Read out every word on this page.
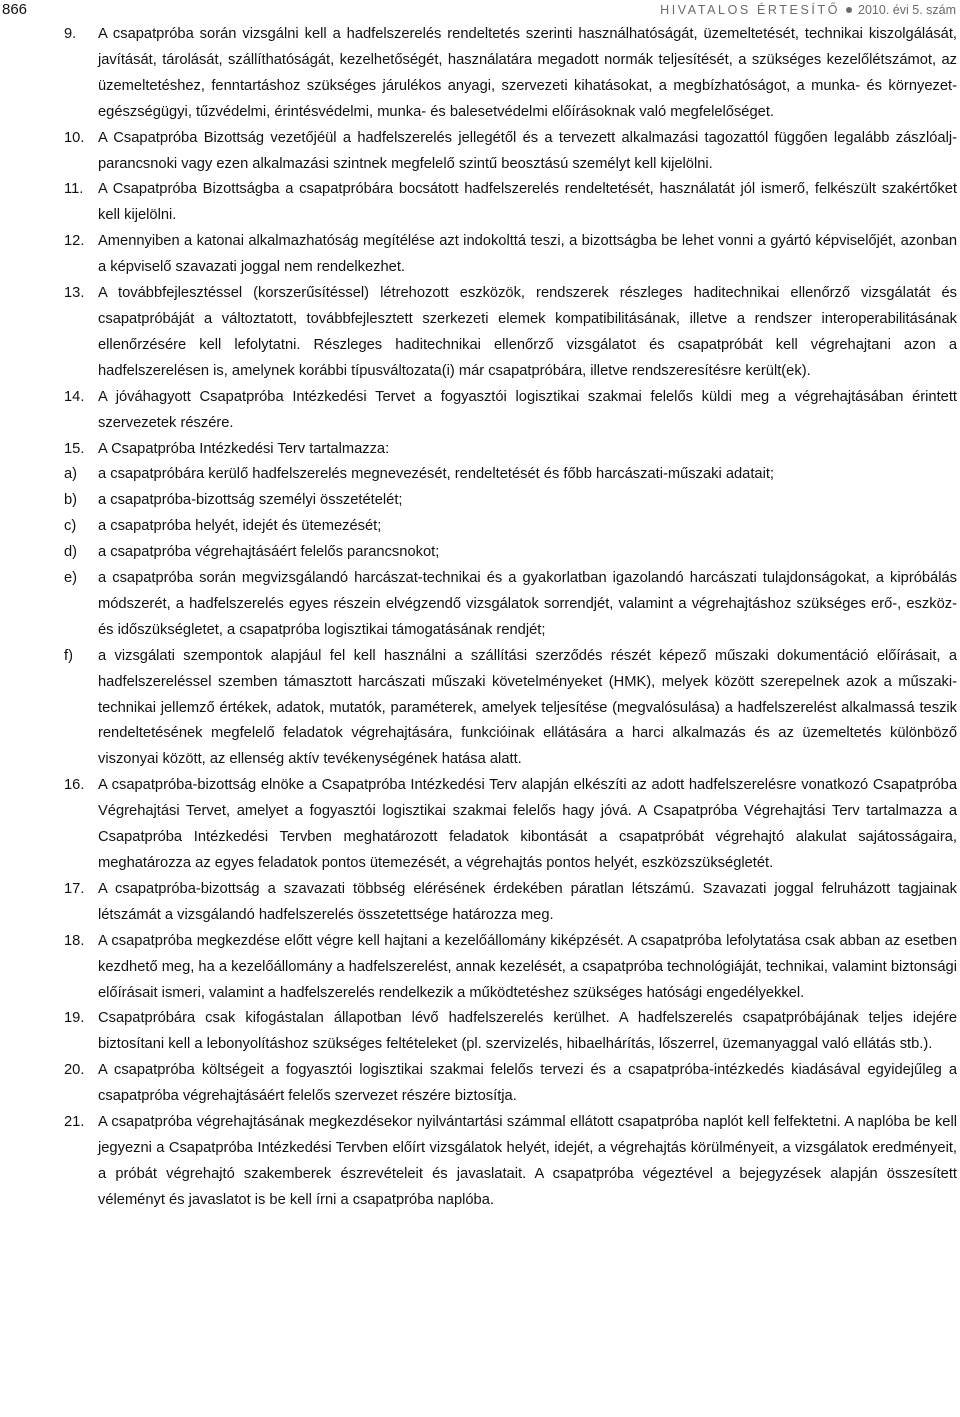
866	HIVATALOS ÉRTESÍTŐ 2010. évi 5. szám
9.	A csapatpróba során vizsgálni kell a hadfelszerelés rendeltetés szerinti használhatóságát, üzemeltetését, technikai kiszolgálását, javítását, tárolását, szállíthatóságát, kezelhetőségét, használatára megadott normák teljesítését, a szükséges kezelőlétszámot, az üzemeltetéshez, fenntartáshoz szükséges járulékos anyagi, szervezeti kihatásokat, a megbízhatóságot, a munka- és környezet-egészségügyi, tűzvédelmi, érintésvédelmi, munka- és balesetvédelmi előírásoknak való megfelelőséget.
10. A Csapatpróba Bizottság vezetőjéül a hadfelszerelés jellegétől és a tervezett alkalmazási tagozattól függően legalább zászlóalj-parancsnoki vagy ezen alkalmazási szintnek megfelelő szintű beosztású személyt kell kijelölni.
11. A Csapatpróba Bizottságba a csapatpróbára bocsátott hadfelszerelés rendeltetését, használatát jól ismerő, felkészült szakértőket kell kijelölni.
12. Amennyiben a katonai alkalmazhatóság megítélése azt indokolttá teszi, a bizottságba be lehet vonni a gyártó képviselőjét, azonban a képviselő szavazati joggal nem rendelkezhet.
13. A továbbfejlesztéssel (korszerűsítéssel) létrehozott eszközök, rendszerek részleges haditechnikai ellenőrző vizsgálatát és csapatpróbáját a változtatott, továbbfejlesztett szerkezeti elemek kompatibilitásának, illetve a rendszer interoperabilitásának ellenőrzésére kell lefolytatni. Részleges haditechnikai ellenőrző vizsgálatot és csapatpróbát kell végrehajtani azon a hadfelszerelésen is, amelynek korábbi típusváltozata(i) már csapatpróbára, illetve rendszeresítésre került(ek).
14. A jóváhagyott Csapatpróba Intézkedési Tervet a fogyasztói logisztikai szakmai felelős küldi meg a végrehajtásában érintett szervezetek részére.
15. A Csapatpróba Intézkedési Terv tartalmazza:
a)	a csapatpróbára kerülő hadfelszerelés megnevezését, rendeltetését és főbb harcászati-műszaki adatait;
b)	a csapatpróba-bizottság személyi összetételét;
c)	a csapatpróba helyét, idejét és ütemezését;
d)	a csapatpróba végrehajtásáért felelős parancsnokot;
e)	a csapatpróba során megvizsgálandó harcászat-technikai és a gyakorlatban igazolandó harcászati tulajdonságokat, a kipróbálás módszerét, a hadfelszerelés egyes részein elvégzendő vizsgálatok sorrendjét, valamint a végrehajtáshoz szükséges erő-, eszköz- és időszükségletet, a csapatpróba logisztikai támogatásának rendjét;
f)	a vizsgálati szempontok alapjául fel kell használni a szállítási szerződés részét képező műszaki dokumentáció előírásait, a hadfelszereléssel szemben támasztott harcászati műszaki követelményeket (HMK), melyek között szerepelnek azok a műszaki-technikai jellemző értékek, adatok, mutatók, paraméterek, amelyek teljesítése (megvalósulása) a hadfelszerelést alkalmassá teszik rendeltetésének megfelelő feladatok végrehajtására, funkcióinak ellátására a harci alkalmazás és az üzemeltetés különböző viszonyai között, az ellenség aktív tevékenységének hatása alatt.
16. A csapatpróba-bizottság elnöke a Csapatpróba Intézkedési Terv alapján elkészíti az adott hadfelszerelésre vonatkozó Csapatpróba Végrehajtási Tervet, amelyet a fogyasztói logisztikai szakmai felelős hagy jóvá. A Csapatpróba Végrehajtási Terv tartalmazza a Csapatpróba Intézkedési Tervben meghatározott feladatok kibontását a csapatpróbát végrehajtó alakulat sajátosságaira, meghatározza az egyes feladatok pontos ütemezését, a végrehajtás pontos helyét, eszközszükségletét.
17. A csapatpróba-bizottság a szavazati többség elérésének érdekében páratlan létszámú. Szavazati joggal felruházott tagjainak létszámát a vizsgálandó hadfelszerelés összetettsége határozza meg.
18. A csapatpróba megkezdése előtt végre kell hajtani a kezelőállomány kiképzését. A csapatpróba lefolytatása csak abban az esetben kezdhető meg, ha a kezelőállomány a hadfelszerelést, annak kezelését, a csapatpróba technológiáját, technikai, valamint biztonsági előírásait ismeri, valamint a hadfelszerelés rendelkezik a működtetéshez szükséges hatósági engedélyekkel.
19. Csapatpróbára csak kifogástalan állapotban lévő hadfelszerelés kerülhet. A hadfelszerelés csapatpróbájának teljes idejére biztosítani kell a lebonyolításhoz szükséges feltételeket (pl. szervizelés, hibaelhárítás, lőszerrel, üzemanyaggal való ellátás stb.).
20. A csapatpróba költségeit a fogyasztói logisztikai szakmai felelős tervezi és a csapatpróba-intézkedés kiadásával egyidejűleg a csapatpróba végrehajtásáért felelős szervezet részére biztosítja.
21. A csapatpróba végrehajtásának megkezdésekor nyilvántartási számmal ellátott csapatpróba naplót kell felfektetni. A naplóba be kell jegyezni a Csapatpróba Intézkedési Tervben előírt vizsgálatok helyét, idejét, a végrehajtás körülményeit, a vizsgálatok eredményeit, a próbát végrehajtó szakemberek észrevételeit és javaslatait. A csapatpróba végeztével a bejegyzések alapján összesített véleményt és javaslatot is be kell írni a csapatpróba naplóba.
